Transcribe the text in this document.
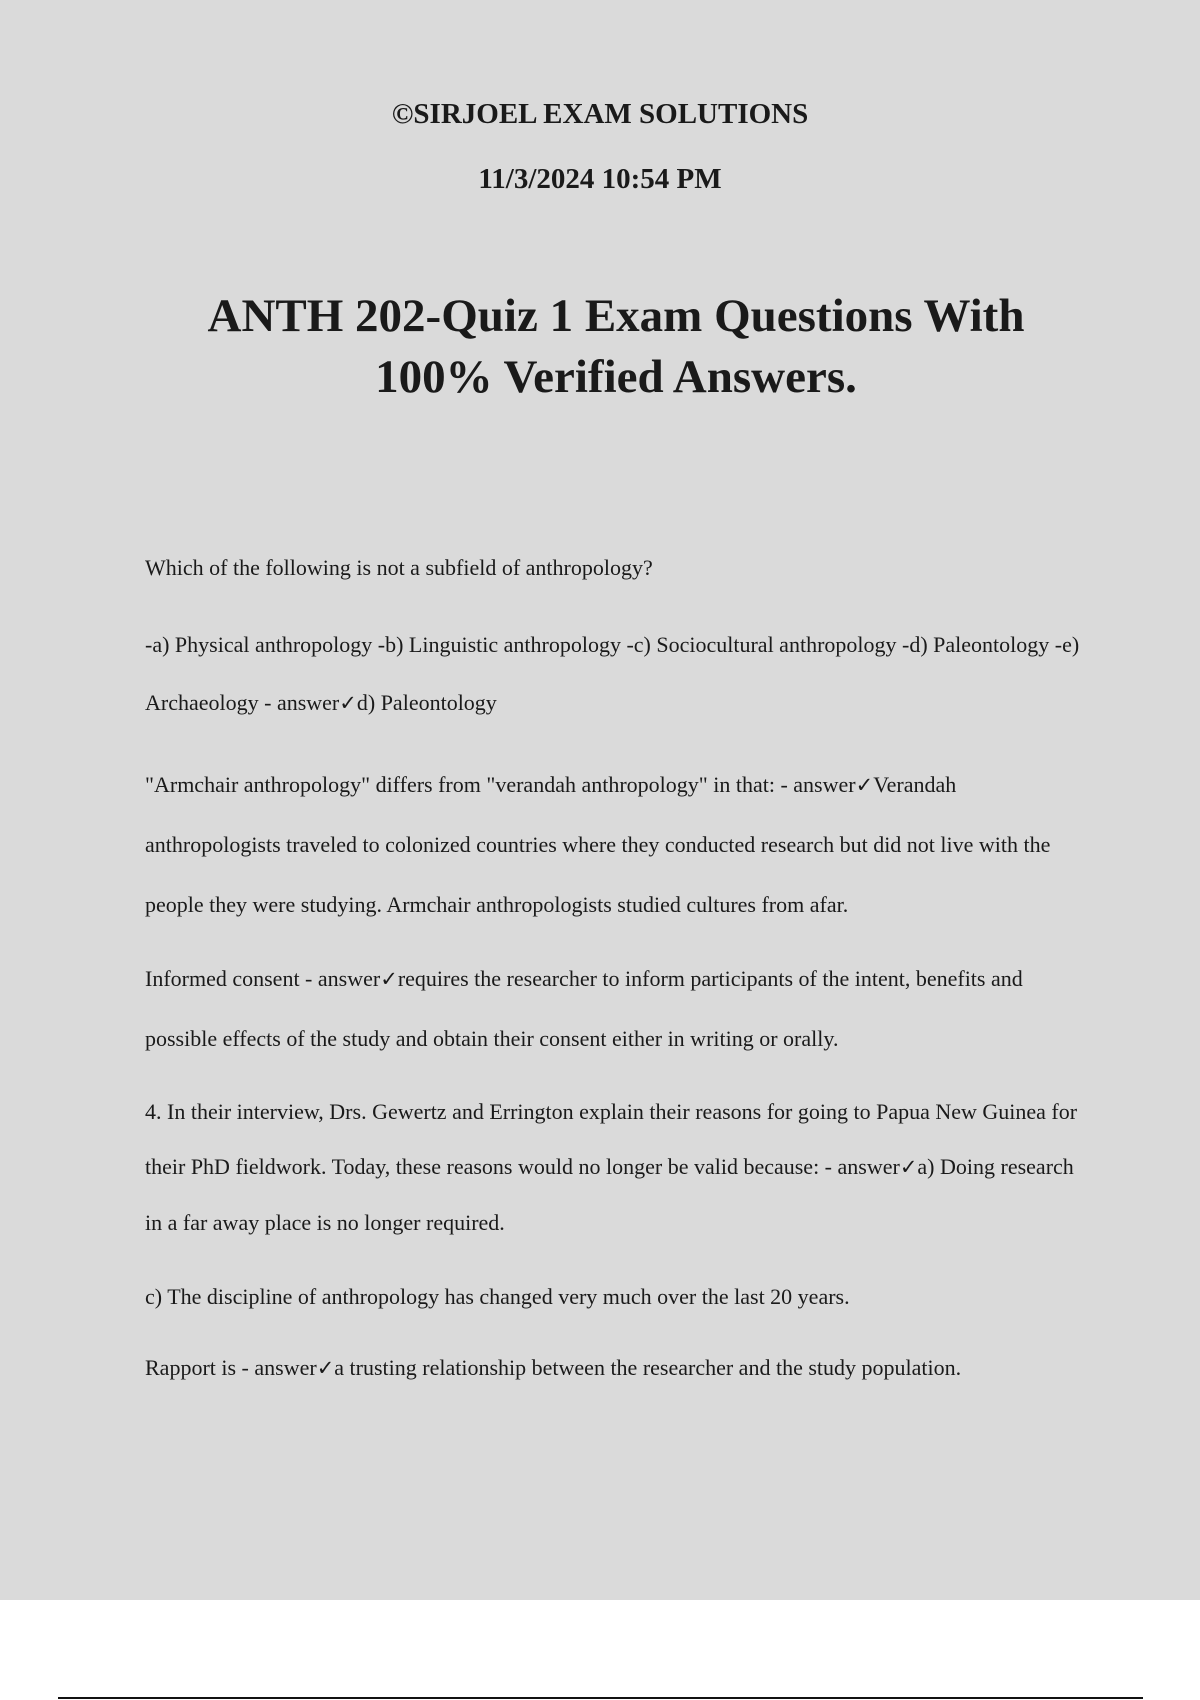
©SIRJOEL EXAM SOLUTIONS
11/3/2024 10:54 PM
ANTH 202-Quiz 1 Exam Questions With 100% Verified Answers.

Which of the following is not a subfield of anthropology?

-a) Physical anthropology -b) Linguistic anthropology -c) Sociocultural anthropology -d) Paleontology -e) Archaeology - answer✓d) Paleontology

"Armchair anthropology" differs from "verandah anthropology" in that: - answer✓Verandah anthropologists traveled to colonized countries where they conducted research but did not live with the people they were studying. Armchair anthropologists studied cultures from afar.

Informed consent - answer✓requires the researcher to inform participants of the intent, benefits and possible effects of the study and obtain their consent either in writing or orally.

4. In their interview, Drs. Gewertz and Errington explain their reasons for going to Papua New Guinea for their PhD fieldwork. Today, these reasons would no longer be valid because: - answer✓a) Doing research in a far away place is no longer required.

c) The discipline of anthropology has changed very much over the last 20 years.

Rapport is - answer✓a trusting relationship between the researcher and the study population.
